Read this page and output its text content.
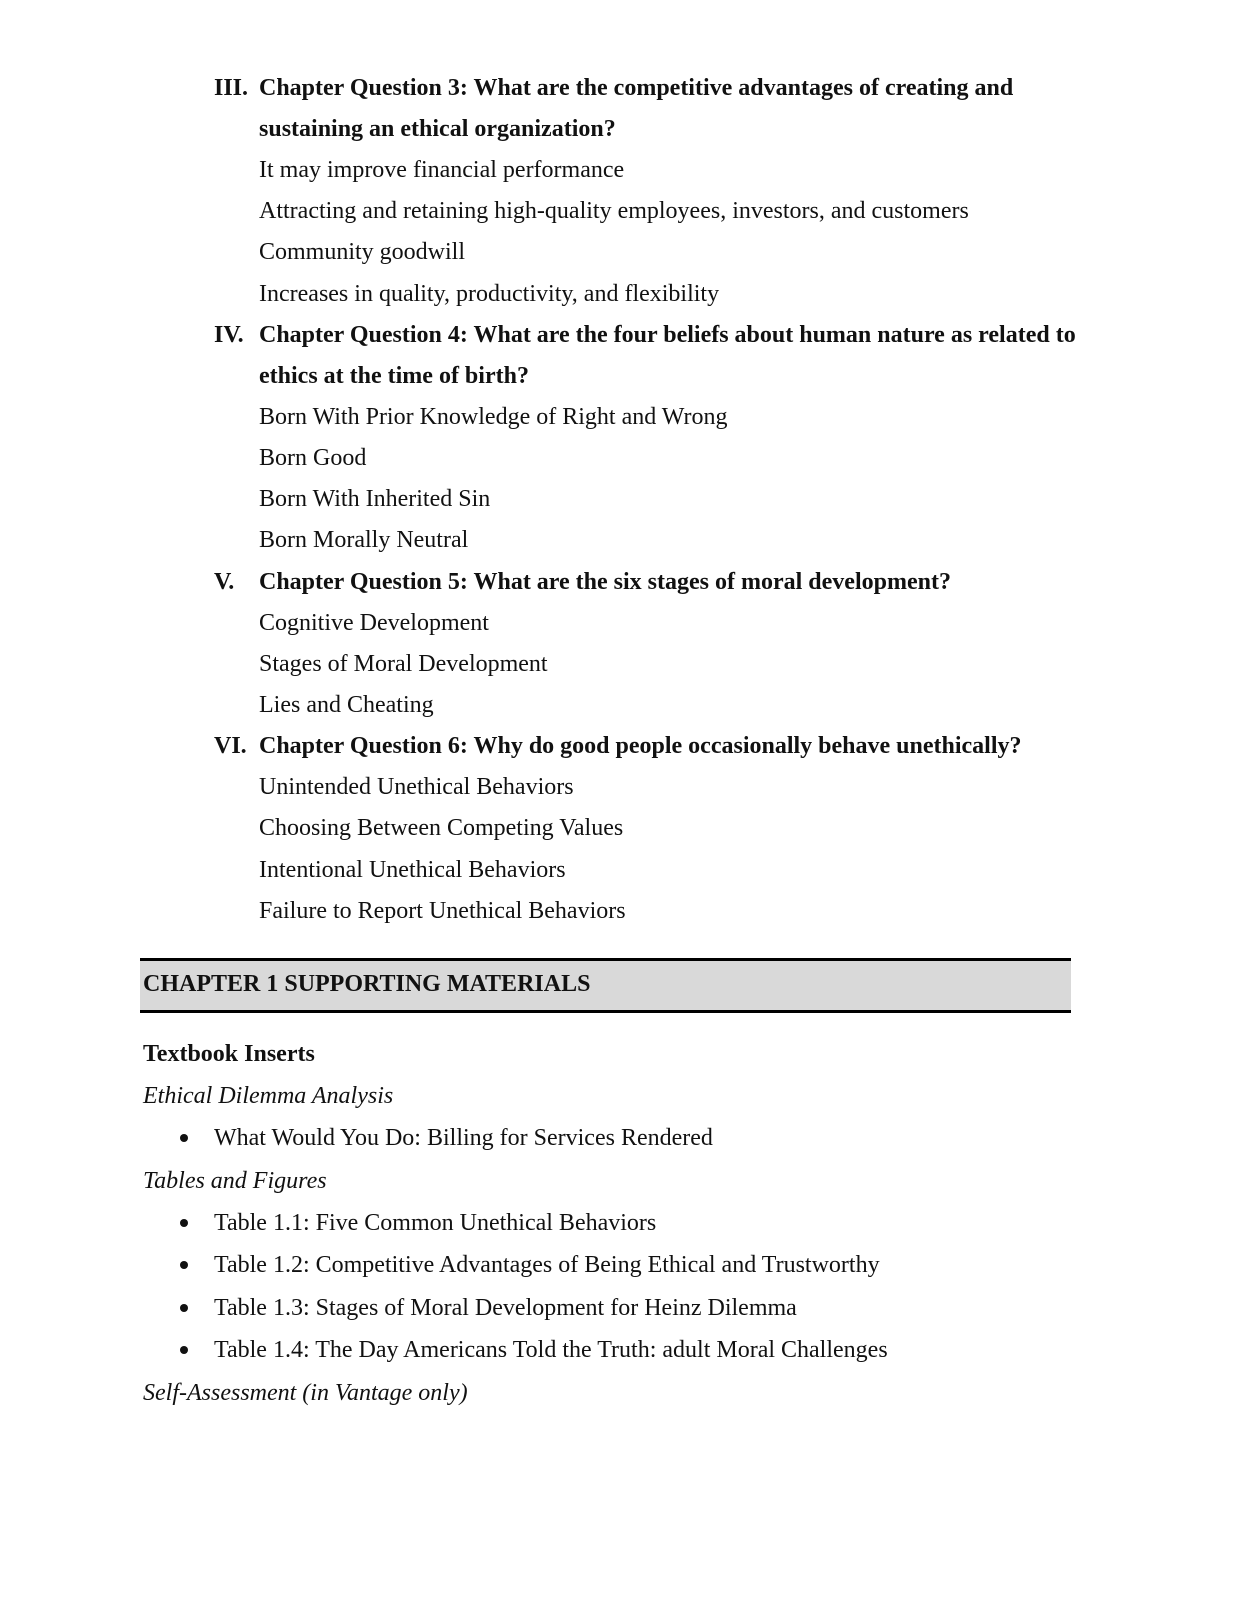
III. Chapter Question 3: What are the competitive advantages of creating and sustaining an ethical organization?
It may improve financial performance
Attracting and retaining high-quality employees, investors, and customers
Community goodwill
Increases in quality, productivity, and flexibility
IV. Chapter Question 4: What are the four beliefs about human nature as related to ethics at the time of birth?
Born With Prior Knowledge of Right and Wrong
Born Good
Born With Inherited Sin
Born Morally Neutral
V. Chapter Question 5: What are the six stages of moral development?
Cognitive Development
Stages of Moral Development
Lies and Cheating
VI. Chapter Question 6: Why do good people occasionally behave unethically?
Unintended Unethical Behaviors
Choosing Between Competing Values
Intentional Unethical Behaviors
Failure to Report Unethical Behaviors
CHAPTER 1 SUPPORTING MATERIALS
Textbook Inserts
Ethical Dilemma Analysis
What Would You Do: Billing for Services Rendered
Tables and Figures
Table 1.1: Five Common Unethical Behaviors
Table 1.2: Competitive Advantages of Being Ethical and Trustworthy
Table 1.3: Stages of Moral Development for Heinz Dilemma
Table 1.4: The Day Americans Told the Truth: adult Moral Challenges
Self-Assessment (in Vantage only)
